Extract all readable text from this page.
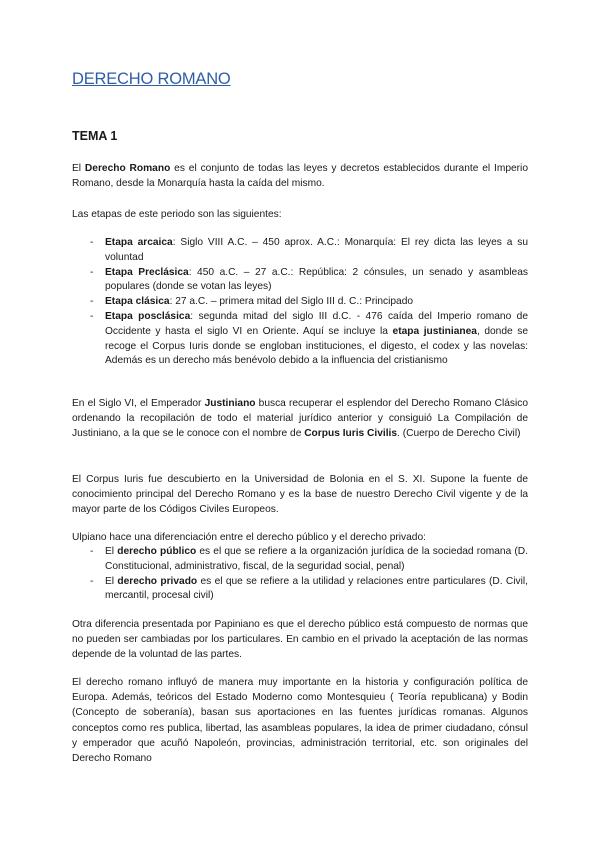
DERECHO ROMANO
TEMA 1

El Derecho Romano es el conjunto de todas las leyes y decretos establecidos durante el Imperio Romano, desde la Monarquía hasta la caída del mismo.

Las etapas de este periodo son las siguientes:

- Etapa arcaica: Siglo VIII A.C. – 450 aprox. A.C.: Monarquía: El rey dicta las leyes a su voluntad
- Etapa Preclásica: 450 a.C. – 27 a.C.: República: 2 cónsules, un senado y asambleas populares (donde se votan las leyes)
- Etapa clásica: 27 a.C. – primera mitad del Siglo III d. C.: Principado
- Etapa posclásica: segunda mitad del siglo III d.C. - 476 caída del Imperio romano de Occidente y hasta el siglo VI en Oriente. Aquí se incluye la etapa justinianea, donde se recoge el Corpus Iuris donde se engloban instituciones, el digesto, el codex y las novelas: Además es un derecho más benévolo debido a la influencia del cristianismo

En el Siglo VI, el Emperador Justiniano busca recuperar el esplendor del Derecho Romano Clásico ordenando la recopilación de todo el material jurídico anterior y consiguió La Compilación de Justiniano, a la que se le conoce con el nombre de Corpus Iuris Civilis. (Cuerpo de Derecho Civil)

El Corpus Iuris fue descubierto en la Universidad de Bolonia en el S. XI. Supone la fuente de conocimiento principal del Derecho Romano y es la base de nuestro Derecho Civil vigente y de la mayor parte de los Códigos Civiles Europeos.

Ulpiano hace una diferenciación entre el derecho público y el derecho privado:

- El derecho público es el que se refiere a la organización jurídica de la sociedad romana (D. Constitucional, administrativo, fiscal, de la seguridad social, penal)
- El derecho privado es el que se refiere a la utilidad y relaciones entre particulares (D. Civil, mercantil, procesal civil)

Otra diferencia presentada por Papiniano es que el derecho público está compuesto de normas que no pueden ser cambiadas por los particulares. En cambio en el privado la aceptación de las normas depende de la voluntad de las partes.

El derecho romano influyó de manera muy importante en la historia y configuración política de Europa. Además, teóricos del Estado Moderno como Montesquieu ( Teoría republicana) y Bodin (Concepto de soberanía), basan sus aportaciones en las fuentes jurídicas romanas. Algunos conceptos como res publica, libertad, las asambleas populares, la idea de primer ciudadano, cónsul y emperador que acuñó Napoleón, provincias, administración territorial, etc. son originales del Derecho Romano
